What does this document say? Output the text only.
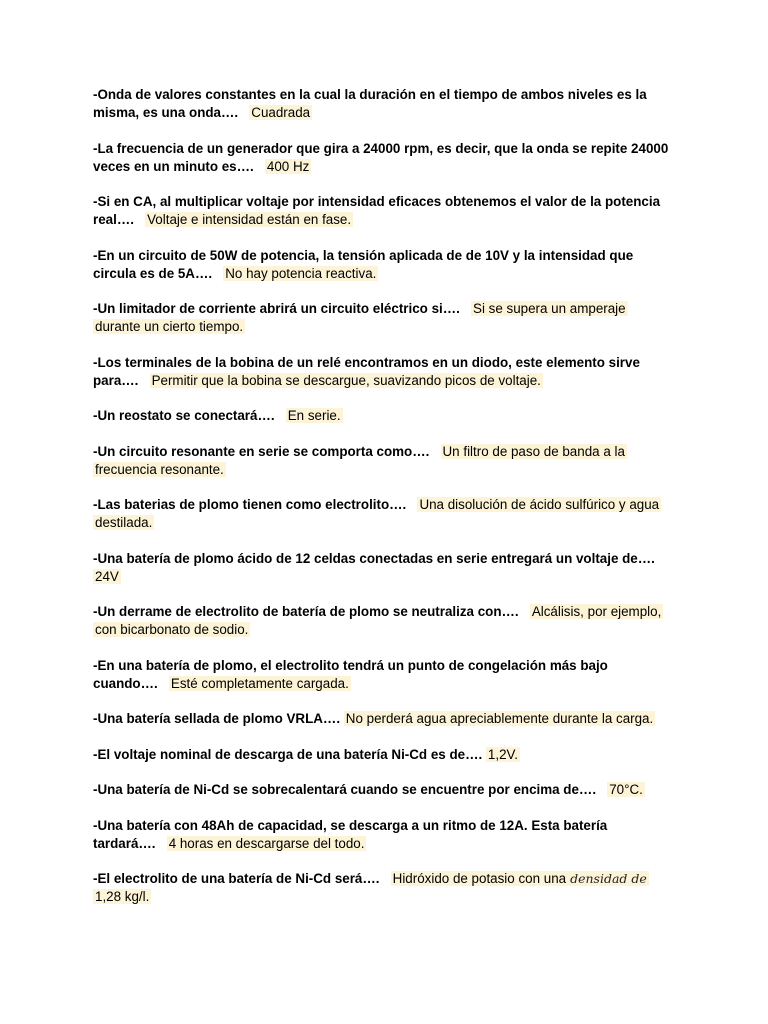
-Onda de valores constantes en la cual la duración en el tiempo de ambos niveles es la misma, es una onda…. Cuadrada

-La frecuencia de un generador que gira a 24000 rpm, es decir, que la onda se repite 24000 veces en un minuto es…. 400 Hz

-Si en CA, al multiplicar voltaje por intensidad eficaces obtenemos el valor de la potencia real…. Voltaje e intensidad están en fase.

-En un circuito de 50W de potencia, la tensión aplicada de de 10V y la intensidad que circula es de 5A…. No hay potencia reactiva.

-Un limitador de corriente abrirá un circuito eléctrico si…. Si se supera un amperaje durante un cierto tiempo.

-Los terminales de la bobina de un relé encontramos en un diodo, este elemento sirve para…. Permitir que la bobina se descargue, suavizando picos de voltaje.

-Un reostato se conectará…. En serie.

-Un circuito resonante en serie se comporta como…. Un filtro de paso de banda a la frecuencia resonante.

-Las baterias de plomo tienen como electrolito…. Una disolución de ácido sulfúrico y agua destilada.

-Una batería de plomo ácido de 12 celdas conectadas en serie entregará un voltaje de….   24V

-Un derrame de electrolito de batería de plomo se neutraliza con…. Alcálisis, por ejemplo, con bicarbonato de sodio.

-En una batería de plomo, el electrolito tendrá un punto de congelación más bajo cuando…. Esté completamente cargada.

-Una batería sellada de plomo VRLA…. No perderá agua apreciablemente durante la carga.

-El voltaje nominal de descarga de una batería Ni-Cd es de…. 1,2V.

-Una batería de Ni-Cd se sobrecalentará cuando se encuentre por encima de…. 70°C.

-Una batería con 48Ah de capacidad, se descarga a un ritmo de 12A. Esta batería tardará…. 4 horas en descargarse del todo.

-El electrolito de una batería de Ni-Cd será…. Hidróxido de potasio con una densidad de 1,28 kg/l.
